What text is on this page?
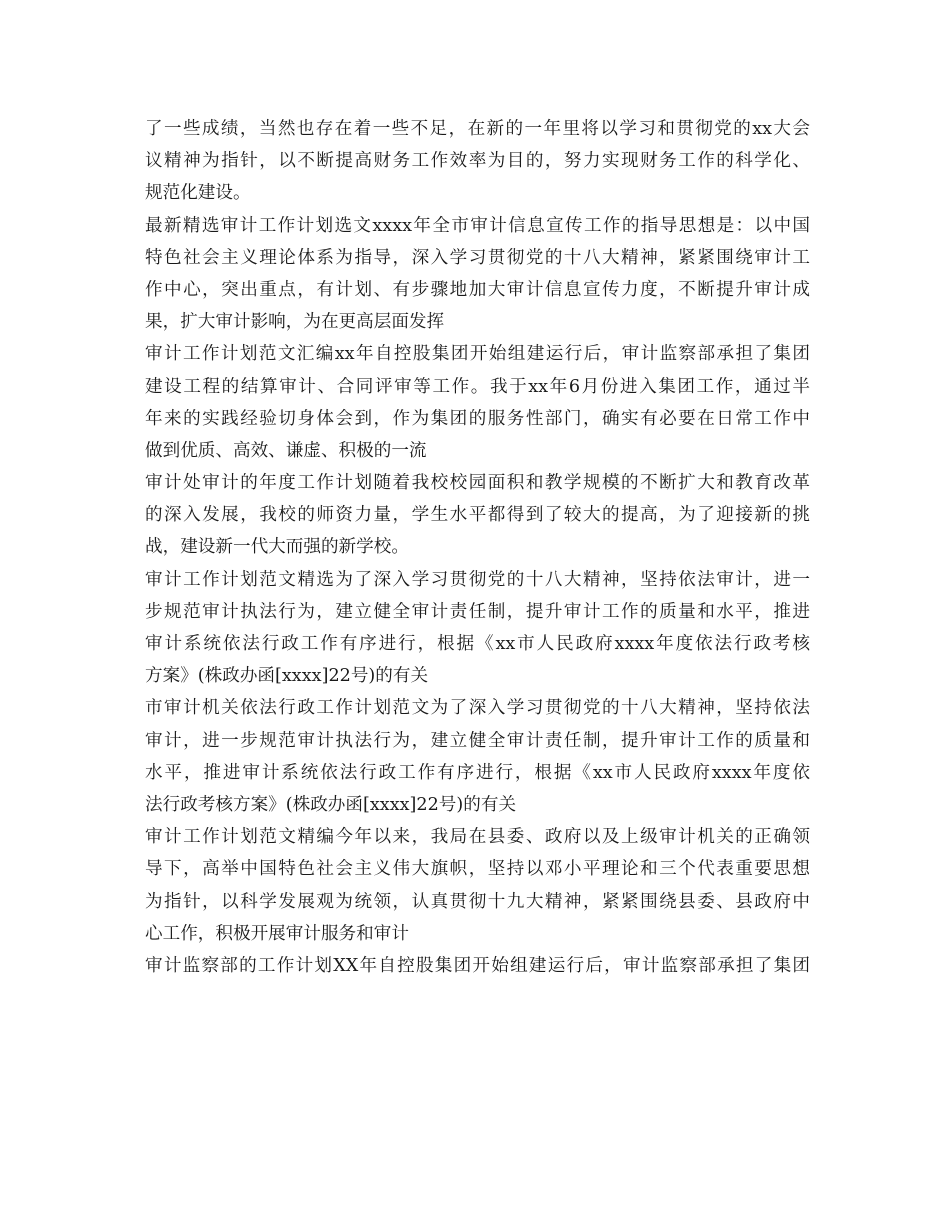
了一些成绩，当然也存在着一些不足，在新的一年里将以学习和贯彻党的xx大会
议精神为指针，以不断提高财务工作效率为目的，努力实现财务工作的科学化、
规范化建设。
最新精选审计工作计划选文xxxx年全市审计信息宣传工作的指导思想是：以中国
特色社会主义理论体系为指导，深入学习贯彻党的十八大精神，紧紧围绕审计工
作中心，突出重点，有计划、有步骤地加大审计信息宣传力度，不断提升审计成
果，扩大审计影响，为在更高层面发挥
审计工作计划范文汇编xx年自控股集团开始组建运行后，审计监察部承担了集团
建设工程的结算审计、合同评审等工作。我于xx年6月份进入集团工作，通过半
年来的实践经验切身体会到，作为集团的服务性部门，确实有必要在日常工作中
做到优质、高效、谦虚、积极的一流
审计处审计的年度工作计划随着我校校园面积和教学规模的不断扩大和教育改革
的深入发展，我校的师资力量，学生水平都得到了较大的提高，为了迎接新的挑
战，建设新一代大而强的新学校。
审计工作计划范文精选为了深入学习贯彻党的十八大精神，坚持依法审计，进一
步规范审计执法行为，建立健全审计责任制，提升审计工作的质量和水平，推进
审计系统依法行政工作有序进行，根据《xx市人民政府xxxx年度依法行政考核
方案》(株政办函[xxxx]22号)的有关
市审计机关依法行政工作计划范文为了深入学习贯彻党的十八大精神，坚持依法
审计，进一步规范审计执法行为，建立健全审计责任制，提升审计工作的质量和
水平，推进审计系统依法行政工作有序进行，根据《xx市人民政府xxxx年度依
法行政考核方案》(株政办函[xxxx]22号)的有关
审计工作计划范文精编今年以来，我局在县委、政府以及上级审计机关的正确领
导下，高举中国特色社会主义伟大旗帜，坚持以邓小平理论和三个代表重要思想
为指针，以科学发展观为统领，认真贯彻十九大精神，紧紧围绕县委、县政府中
心工作，积极开展审计服务和审计
审计监察部的工作计划XX年自控股集团开始组建运行后，审计监察部承担了集团
